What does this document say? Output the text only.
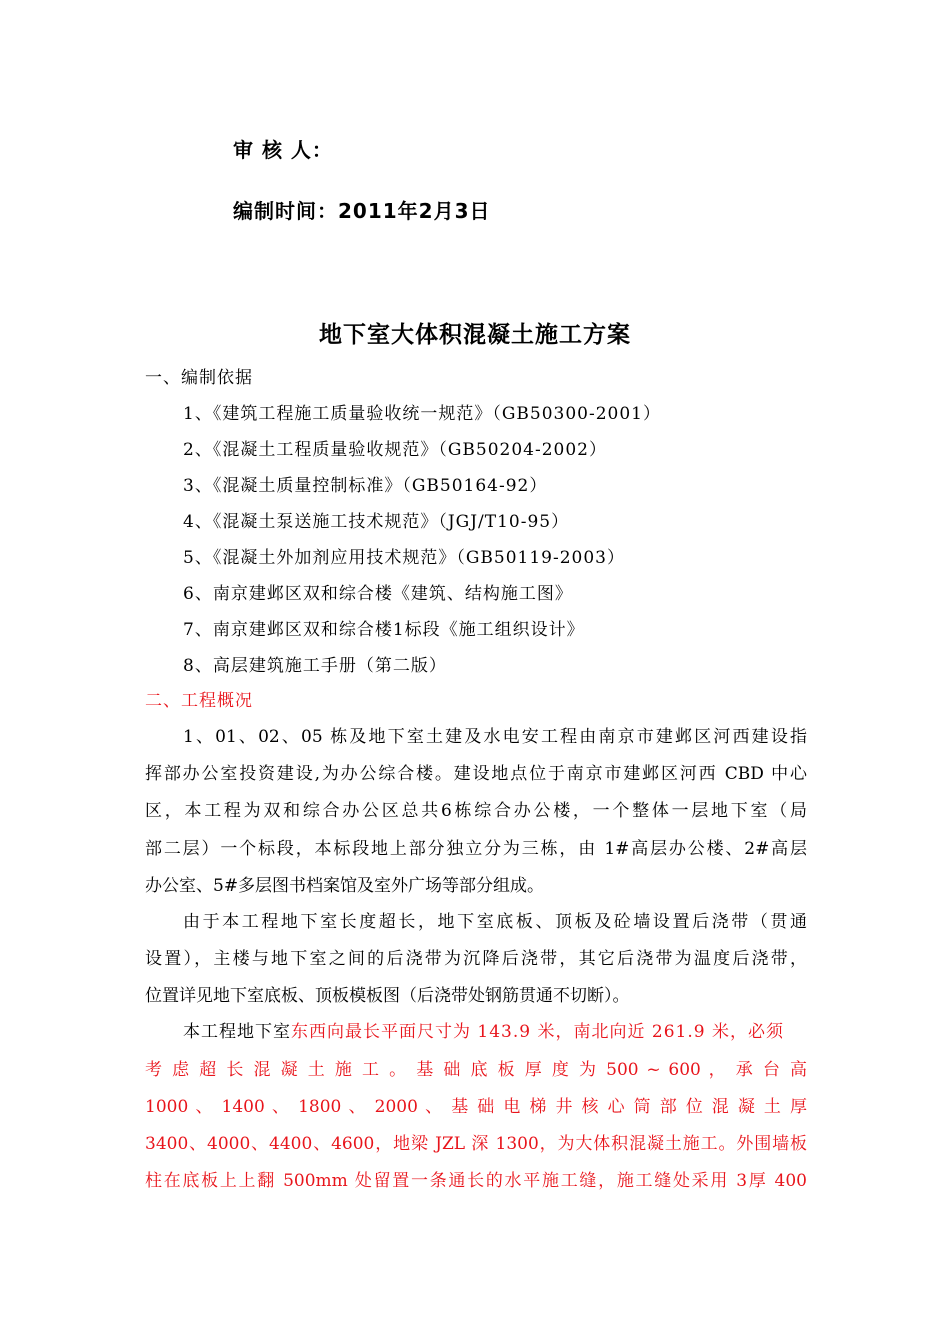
审 核 人：
编制时间：2011年2月3日
地下室大体积混凝土施工方案
一、编制依据
1、《建筑工程施工质量验收统一规范》（GB50300-2001）
2、《混凝土工程质量验收规范》（GB50204-2002）
3、《混凝土质量控制标准》（GB50164-92）
4、《混凝土泵送施工技术规范》（JGJ/T10-95）
5、《混凝土外加剂应用技术规范》（GB50119-2003）
6、南京建邺区双和综合楼《建筑、结构施工图》
7、南京建邺区双和综合楼1标段《施工组织设计》
8、高层建筑施工手册（第二版）
二、工程概况
1、01、02、05 栋及地下室土建及水电安工程由南京市建邺区河西建设指
挥部办公室投资建设,为办公综合楼。建设地点位于南京市建邺区河西 CBD 中心
区，本工程为双和综合办公区总共6栋综合办公楼，一个整体一层地下室（局
部二层）一个标段，本标段地上部分独立分为三栋，由 1#高层办公楼、2#高层
办公室、5#多层图书档案馆及室外广场等部分组成。
由于本工程地下室长度超长，地下室底板、顶板及砼墙设置后浇带（贯通
设置），主楼与地下室之间的后浇带为沉降后浇带，其它后浇带为温度后浇带，
位置详见地下室底板、顶板模板图（后浇带处钢筋贯通不切断）。
本工程地下室东西向最长平面尺寸为 143.9 米，南北向近 261.9 米，必须
考 虑 超 长 混 凝 土 施 工 。 基 础 底 板 厚 度 为 500 ~ 600 ， 承 台 高
1000 、 1400 、 1800 、 2000 、 基 础 电 梯 井 核 心 筒 部 位 混 凝 土 厚
3400、4000、4400、4600，地梁 JZL 深 1300，为大体积混凝土施工。外围墙板
柱在底板上上翻 500mm 处留置一条通长的水平施工缝，施工缝处采用 3厚 400
